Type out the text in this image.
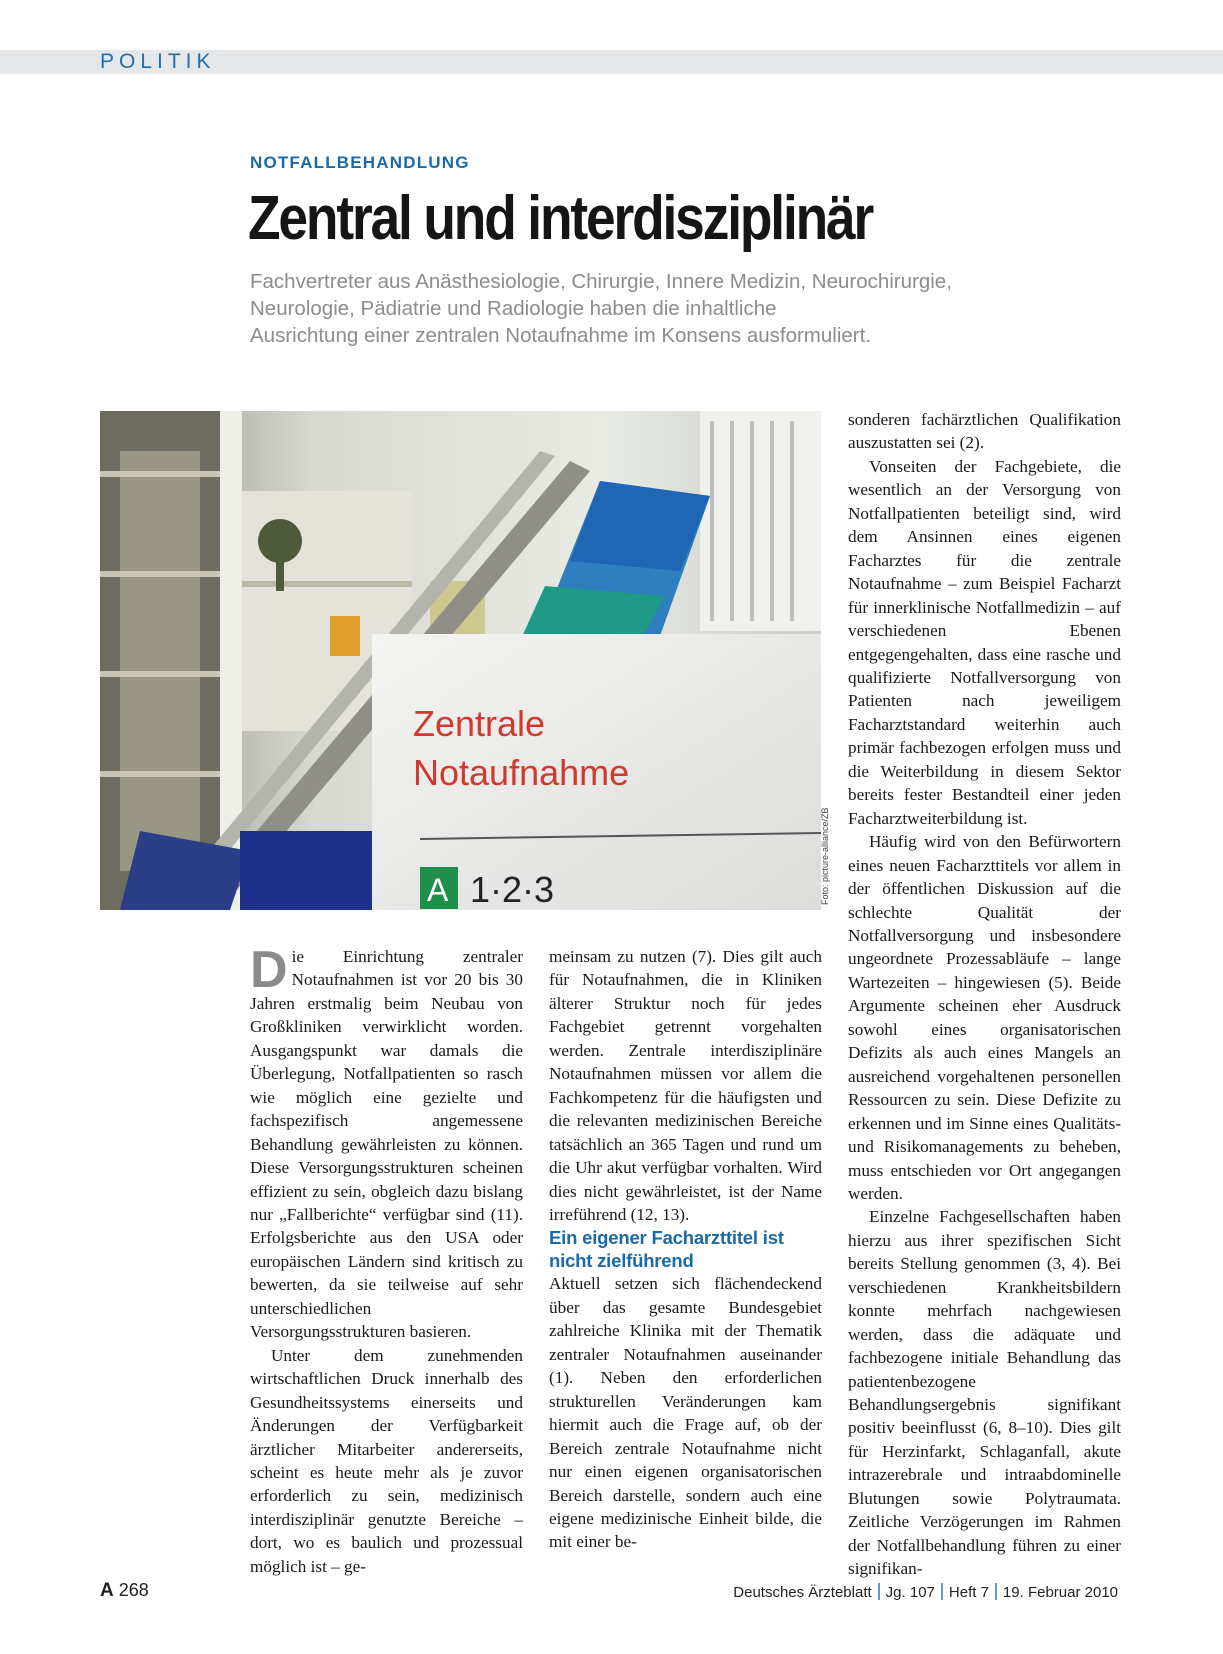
POLITIK
NOTFALLBEHANDLUNG
Zentral und interdisziplinär

Fachvertreter aus Anästhesiologie, Chirurgie, Innere Medizin, Neurochirurgie,
Neurologie, Pädiatrie und Radiologie haben die inhaltliche
Ausrichtung einer zentralen Notaufnahme im Konsens ausformuliert.

Zentrale
Notaufnahme
A 1·2·3	Foto: picture-alliance/ZB

Die Einrichtung zentraler Notaufnahmen ist vor 20 bis 30 Jahren erstmalig beim Neubau von Großkliniken verwirklicht worden. Ausgangspunkt war damals die Überlegung, Notfallpatienten so rasch wie möglich eine gezielte und fachspezifisch angemessene Behandlung gewährleisten zu können. Diese Versorgungsstrukturen scheinen effizient zu sein, obgleich dazu bislang nur „Fallberichte“ verfügbar sind (11). Erfolgsberichte aus den USA oder europäischen Ländern sind kritisch zu bewerten, da sie teilweise auf sehr unterschiedlichen Versorgungsstrukturen basieren.

Unter dem zunehmenden wirtschaftlichen Druck innerhalb des Gesundheitssystems einerseits und Änderungen der Verfügbarkeit ärztlicher Mitarbeiter andererseits, scheint es heute mehr als je zuvor erforderlich zu sein, medizinisch interdisziplinär genutzte Bereiche – dort, wo es baulich und prozessual möglich ist – ge-

meinsam zu nutzen (7). Dies gilt auch für Notaufnahmen, die in Kliniken älterer Struktur noch für jedes Fachgebiet getrennt vorgehalten werden. Zentrale interdisziplinäre Notaufnahmen müssen vor allem die Fachkompetenz für die häufigsten und die relevanten medizinischen Bereiche tatsächlich an 365 Tagen und rund um die Uhr akut verfügbar vorhalten. Wird dies nicht gewährleistet, ist der Name irreführend (12, 13).

Ein eigener Facharzttitel ist nicht zielführend

Aktuell setzen sich flächendeckend über das gesamte Bundesgebiet zahlreiche Klinika mit der Thematik zentraler Notaufnahmen auseinander (1). Neben den erforderlichen strukturellen Veränderungen kam hiermit auch die Frage auf, ob der Bereich zentrale Notaufnahme nicht nur einen eigenen organisatorischen Bereich darstelle, sondern auch eine eigene medizinische Einheit bilde, die mit einer be-

sonderen fachärztlichen Qualifikation auszustatten sei (2).

Vonseiten der Fachgebiete, die wesentlich an der Versorgung von Notfallpatienten beteiligt sind, wird dem Ansinnen eines eigenen Facharztes für die zentrale Notaufnahme – zum Beispiel Facharzt für innerklinische Notfallmedizin – auf verschiedenen Ebenen entgegengehalten, dass eine rasche und qualifizierte Notfallversorgung von Patienten nach jeweiligem Facharztstandard weiterhin auch primär fachbezogen erfolgen muss und die Weiterbildung in diesem Sektor bereits fester Bestandteil einer jeden Facharztweiterbildung ist.

Häufig wird von den Befürwortern eines neuen Facharzttitels vor allem in der öffentlichen Diskussion auf die schlechte Qualität der Notfallversorgung und insbesondere ungeordnete Prozessabläufe – lange Wartezeiten – hingewiesen (5). Beide Argumente scheinen eher Ausdruck sowohl eines organisatorischen Defizits als auch eines Mangels an ausreichend vorgehaltenen personellen Ressourcen zu sein. Diese Defizite zu erkennen und im Sinne eines Qualitäts- und Risikomanagements zu beheben, muss entschieden vor Ort angegangen werden.

Einzelne Fachgesellschaften haben hierzu aus ihrer spezifischen Sicht bereits Stellung genommen (3, 4). Bei verschiedenen Krankheitsbildern konnte mehrfach nachgewiesen werden, dass die adäquate und fachbezogene initiale Behandlung das patientenbezogene Behandlungsergebnis signifikant positiv beeinflusst (6, 8–10). Dies gilt für Herzinfarkt, Schlaganfall, akute intrazerebrale und intraabdominelle Blutungen sowie Polytraumata. Zeitliche Verzögerungen im Rahmen der Notfallbehandlung führen zu einer signifikan-

A 268	Deutsches Ärzteblatt Jg. 107 Heft 7 19. Februar 2010
